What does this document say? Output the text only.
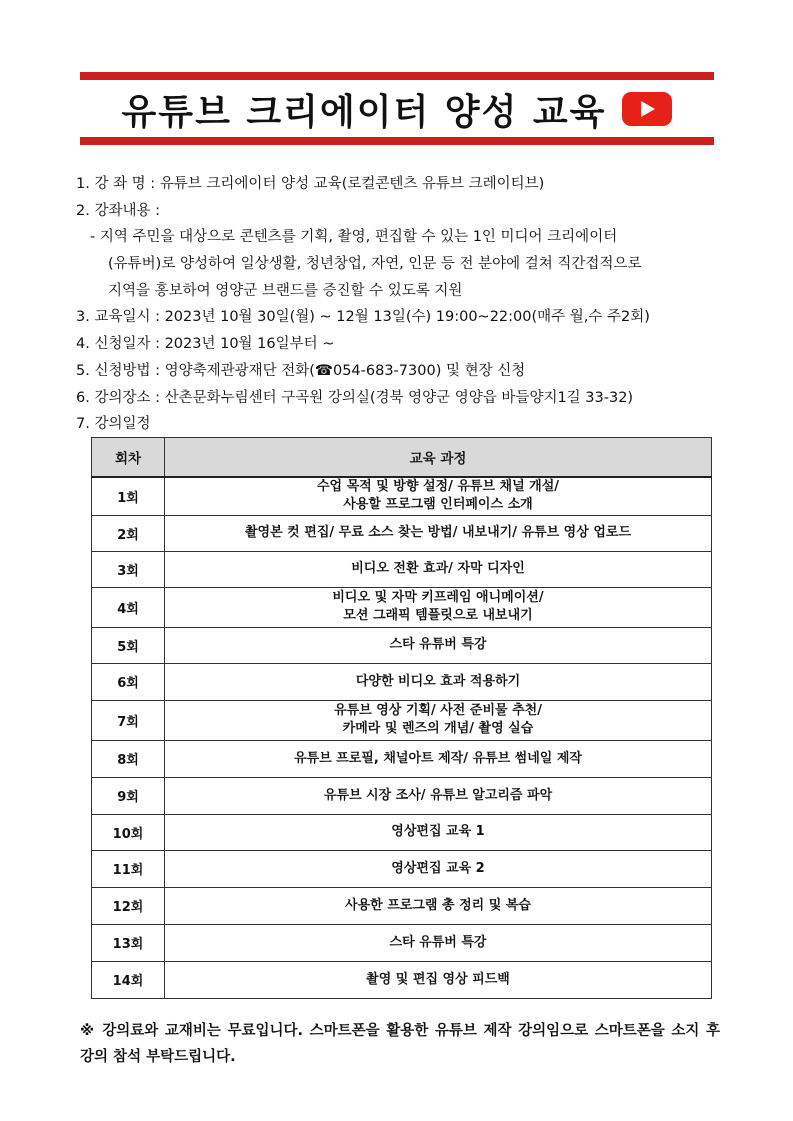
유튜브 크리에이터 양성 교육
1. 강 좌 명 : 유튜브 크리에이터 양성 교육(로컬콘텐츠 유튜브 크레이티브)
2. 강좌내용 :
- 지역 주민을 대상으로 콘텐츠를 기획, 촬영, 편집할 수 있는 1인 미디어 크리에이터
(유튜버)로 양성하여 일상생활, 청년창업, 자연, 인문 등 전 분야에 걸쳐 직간접적으로
지역을 홍보하여 영양군 브랜드를 증진할 수 있도록 지원
3. 교육일시 : 2023년 10월 30일(월) ~ 12월 13일(수) 19:00~22:00(매주 월,수 주2회)
4. 신청일자 : 2023년 10월 16일부터 ~
5. 신청방법 : 영양축제관광재단 전화(☎054-683-7300) 및 현장 신청
6. 강의장소 : 산촌문화누림센터 구곡원 강의실(경북 영양군 영양읍 바들양지1길 33-32)
7. 강의일정
회차	교육 과정
1회	수업 목적 및 방향 설정/ 유튜브 채널 개설/
사용할 프로그램 인터페이스 소개

2회	촬영본 컷 편집/ 무료 소스 찾는 방법/ 내보내기/ 유튜브 영상 업로드

3회	비디오 전환 효과/ 자막 디자인

4회	비디오 및 자막 키프레임 애니메이션/
모션 그래픽 템플릿으로 내보내기

5회	스타 유튜버 특강

6회	다양한 비디오 효과 적용하기

7회	유튜브 영상 기획/ 사전 준비물 추천/
카메라 및 렌즈의 개념/ 촬영 실습

8회	유튜브 프로필, 채널아트 제작/ 유튜브 썸네일 제작

9회	유튜브 시장 조사/ 유튜브 알고리즘 파악

10회	영상편집 교육 1

11회	영상편집 교육 2

12회	사용한 프로그램 총 정리 및 복습

13회	스타 유튜버 특강

14회	촬영 및 편집 영상 피드백
※ 강의료와 교재비는 무료입니다. 스마트폰을 활용한 유튜브 제작 강의임으로 스마트폰을 소지 후 강의 참석 부탁드립니다.
